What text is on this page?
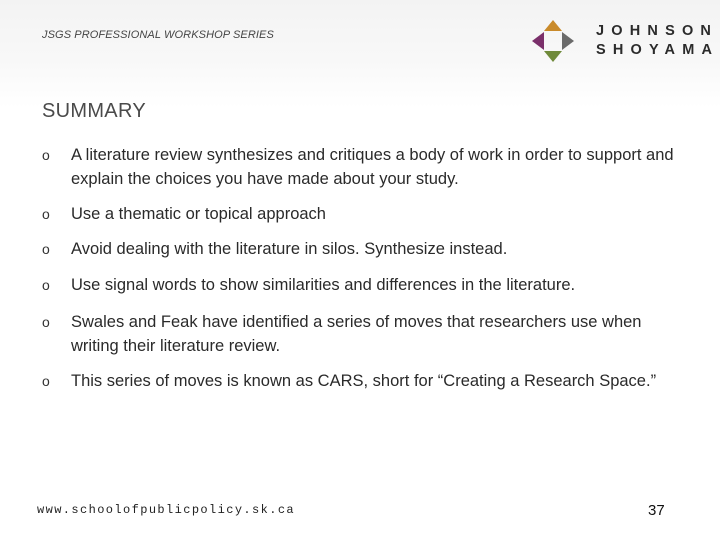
JSGS PROFESSIONAL WORKSHOP SERIES	JOHNSON
SHOYAMA
SUMMARY
o A literature review synthesizes and critiques a body of work in order to support and explain the choices you have made about your study.
o Use a thematic or topical approach
o Avoid dealing with the literature in silos. Synthesize instead.
o Use signal words to show similarities and differences in the literature.
o Swales and Feak have identified a series of moves that researchers use when writing their literature review.
o This series of moves is known as CARS, short for “Creating a Research Space.”
www.schoolofpublicpolicy.sk.ca	37
